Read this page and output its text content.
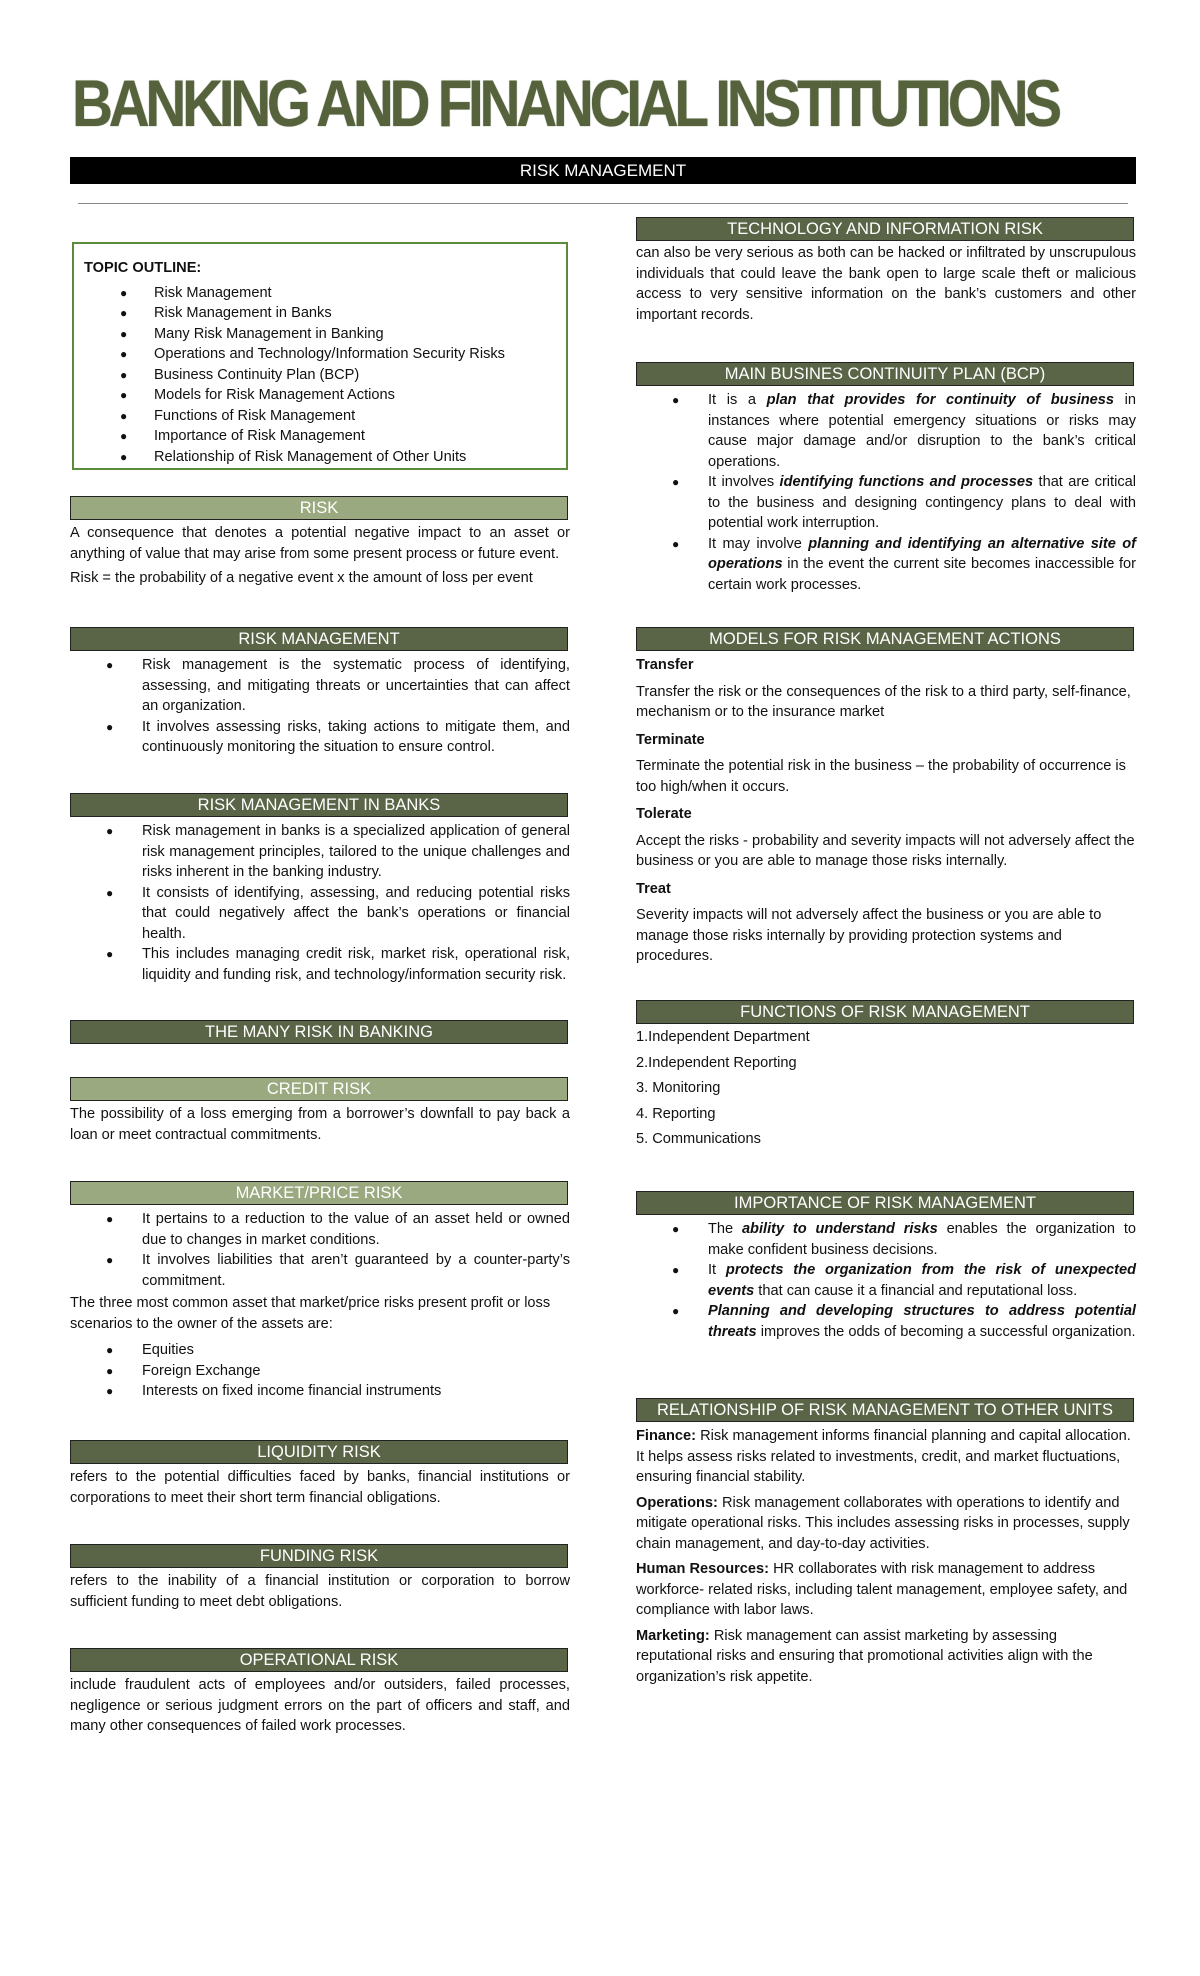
BANKING AND FINANCIAL INSTITUTIONS
RISK MANAGEMENT
TOPIC OUTLINE:
● Risk Management
● Risk Management in Banks
● Many Risk Management in Banking
● Operations and Technology/Information Security Risks
● Business Continuity Plan (BCP)
● Models for Risk Management Actions
● Functions of Risk Management
● Importance of Risk Management
● Relationship of Risk Management of Other Units
RISK

A consequence that denotes a potential negative impact to an asset or anything of value that may arise from some present process or future event.

Risk = the probability of a negative event x the amount of loss per event

RISK MANAGEMENT
● Risk management is the systematic process of identifying, assessing, and mitigating threats or uncertainties that can affect an organization.
● It involves assessing risks, taking actions to mitigate them, and continuously monitoring the situation to ensure control.
RISK MANAGEMENT IN BANKS
● Risk management in banks is a specialized application of general risk management principles, tailored to the unique challenges and risks inherent in the banking industry.
● It consists of identifying, assessing, and reducing potential risks that could negatively affect the bank’s operations or financial health.
● This includes managing credit risk, market risk, operational risk, liquidity and funding risk, and technology/information security risk.
THE MANY RISK IN BANKING
CREDIT RISK

The possibility of a loss emerging from a borrower’s downfall to pay back a loan or meet contractual commitments.

MARKET/PRICE RISK
● It pertains to a reduction to the value of an asset held or owned due to changes in market conditions.
● It involves liabilities that aren’t guaranteed by a counter-party’s commitment.

The three most common asset that market/price risks present profit or loss scenarios to the owner of the assets are:

● Equities
● Foreign Exchange
● Interests on fixed income financial instruments
LIQUIDITY RISK

refers to the potential difficulties faced by banks, financial institutions or corporations to meet their short term financial obligations.

FUNDING RISK

refers to the inability of a financial institution or corporation to borrow sufficient funding to meet debt obligations.

OPERATIONAL RISK

include fraudulent acts of employees and/or outsiders, failed processes, negligence or serious judgment errors on the part of officers and staff, and many other consequences of failed work processes.

TECHNOLOGY AND INFORMATION RISK

can also be very serious as both can be hacked or infiltrated by unscrupulous individuals that could leave the bank open to large scale theft or malicious access to very sensitive information on the bank’s customers and other important records.

MAIN BUSINES CONTINUITY PLAN (BCP)
● It is a plan that provides for continuity of business in instances where potential emergency situations or risks may cause major damage and/or disruption to the bank’s critical operations.
● It involves identifying functions and processes that are critical to the business and designing contingency plans to deal with potential work interruption.
● It may involve planning and identifying an alternative site of operations in the event the current site becomes inaccessible for certain work processes.
MODELS FOR RISK MANAGEMENT ACTIONS

Transfer

Transfer the risk or the consequences of the risk to a third party, self-finance, mechanism or to the insurance market

Terminate

Terminate the potential risk in the business – the probability of occurrence is too high/when it occurs.

Tolerate

Accept the risks - probability and severity impacts will not adversely affect the business or you are able to manage those risks internally.

Treat

Severity impacts will not adversely affect the business or you are able to manage those risks internally by providing protection systems and procedures.

FUNCTIONS OF RISK MANAGEMENT

1.Independent Department

2.Independent Reporting

3. Monitoring

4. Reporting

5. Communications

IMPORTANCE OF RISK MANAGEMENT
● The ability to understand risks enables the organization to make confident business decisions.
● It protects the organization from the risk of unexpected events that can cause it a financial and reputational loss.
● Planning and developing structures to address potential threats improves the odds of becoming a successful organization.
RELATIONSHIP OF RISK MANAGEMENT TO OTHER UNITS

Finance: Risk management informs financial planning and capital allocation. It helps assess risks related to investments, credit, and market fluctuations, ensuring financial stability.

Operations: Risk management collaborates with operations to identify and mitigate operational risks. This includes assessing risks in processes, supply chain management, and day-to-day activities.

Human Resources: HR collaborates with risk management to address workforce- related risks, including talent management, employee safety, and compliance with labor laws.

Marketing: Risk management can assist marketing by assessing reputational risks and ensuring that promotional activities align with the organization’s risk appetite.
